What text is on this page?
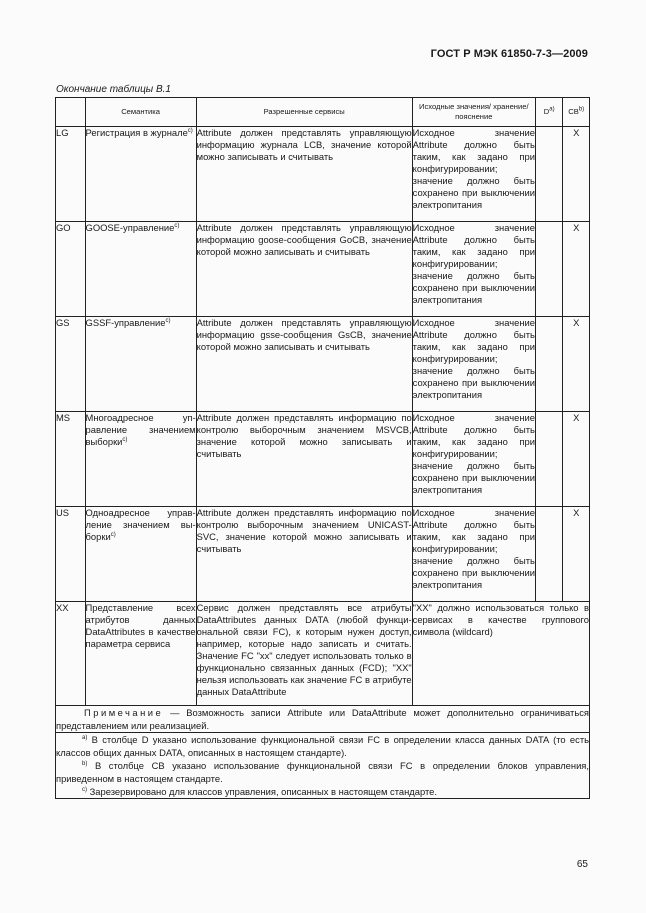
ГОСТ Р МЭК 61850-7-3—2009
Окончание таблицы В.1
	Семантика	Разрешенные сервисы	Исходные значения/ хранение/пояснение	$D^{a)}$	CB$^{b)}$
LG	Регистрация в журнале$^{c)}$	Attribute должен представлять управляющую информацию журнала LCB, значение которой можно записывать и считывать	Исходное значение Attribute должно быть таким, как задано при конфигурировании; значение должно быть сохранено при выключении электропитания		X
GO	GOOSE-управление$^{c)}$	Attribute должен представлять управляющую информацию goose-сообщения GoCB, значение которой можно записывать и считывать	Исходное значение Attribute должно быть таким, как задано при конфигурировании; значение должно быть сохранено при выключении электропитания		X
GS	GSSF-управление$^{c)}$	Attribute должен представлять управляющую информацию gsse-сообщения GsCB, значение которой можно записывать и считывать	Исходное значение Attribute должно быть таким, как задано при конфигурировании; значение должно быть сохранено при выключении электропитания		X
MS	Многоадресное управление значением выборки$^{c)}$	Attribute должен представлять информацию по контролю выборочным значением MSVCB, значение которой можно записывать и считывать	Исходное значение Attribute должно быть таким, как задано при конфигурировании; значение должно быть сохранено при выключении электропитания		X
US	Одноадресное управление значением выборки$^{c)}$	Attribute должен представлять информацию по контролю выборочным значением UNICAST-SVC, значение которой можно записывать и считывать	Исходное значение Attribute должно быть таким, как задано при конфигурировании; значение должно быть сохранено при выключении электропитания		X
XX	Представление всех атрибутов данных DataAttributes в качестве параметра сервиса	Сервис должен представлять все атрибуты DataAttributes данных DATA (любой функциональной связи FC), к которым нужен доступ, например, которые надо записать и считать. Значение FC "xx" следует использовать только в функционально связанных данных (FCD); "XX" нельзя использовать как значение FC в атрибуте данных DataAttribute	"XX" должно использоваться только в сервисах в качестве группового символа (wildcard)		

Примечание — Возможность записи Attribute или DataAttribute может дополнительно ограничиваться представлением или реализацией.					

$^{a)}$ В столбце D указано использование функциональной связи FC в определении класса данных DATA (то есть классов общих данных DATA, описанных в настоящем стандарте).
$^{b)}$ В столбце CB указано использование функциональной связи FC в определении блоков управления, приведенном в настоящем стандарте.
$^{c)}$ Зарезервировано для классов управления, описанных в настоящем стандарте.					
65
